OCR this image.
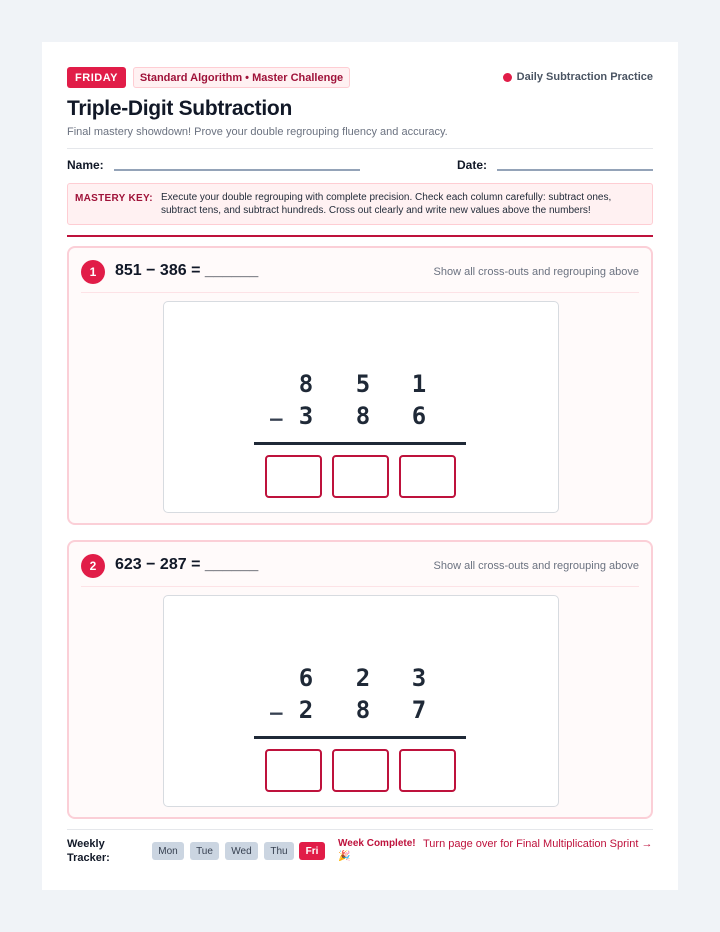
FRIDAY	Standard Algorithm • Master Challenge	Daily Subtraction Practice
Triple-Digit Subtraction
Final mastery showdown! Prove your double regrouping fluency and accuracy.
Name:	Date:
MASTERY KEY: Execute your double regrouping with complete precision. Check each column carefully: subtract ones, subtract tens, and subtract hundreds. Cross out clearly and write new values above the numbers!
1	851 − 386 = ______	Show all cross-outs and regrouping above
8	5	1
− 3	8	6
2	623 − 287 = ______	Show all cross-outs and regrouping above
6	2	3
− 2	8	7
Weekly Tracker:
Mon	Tue	Wed	Thu	Fri
Week Complete! 🎉
Turn page over for Final Multiplication Sprint →
